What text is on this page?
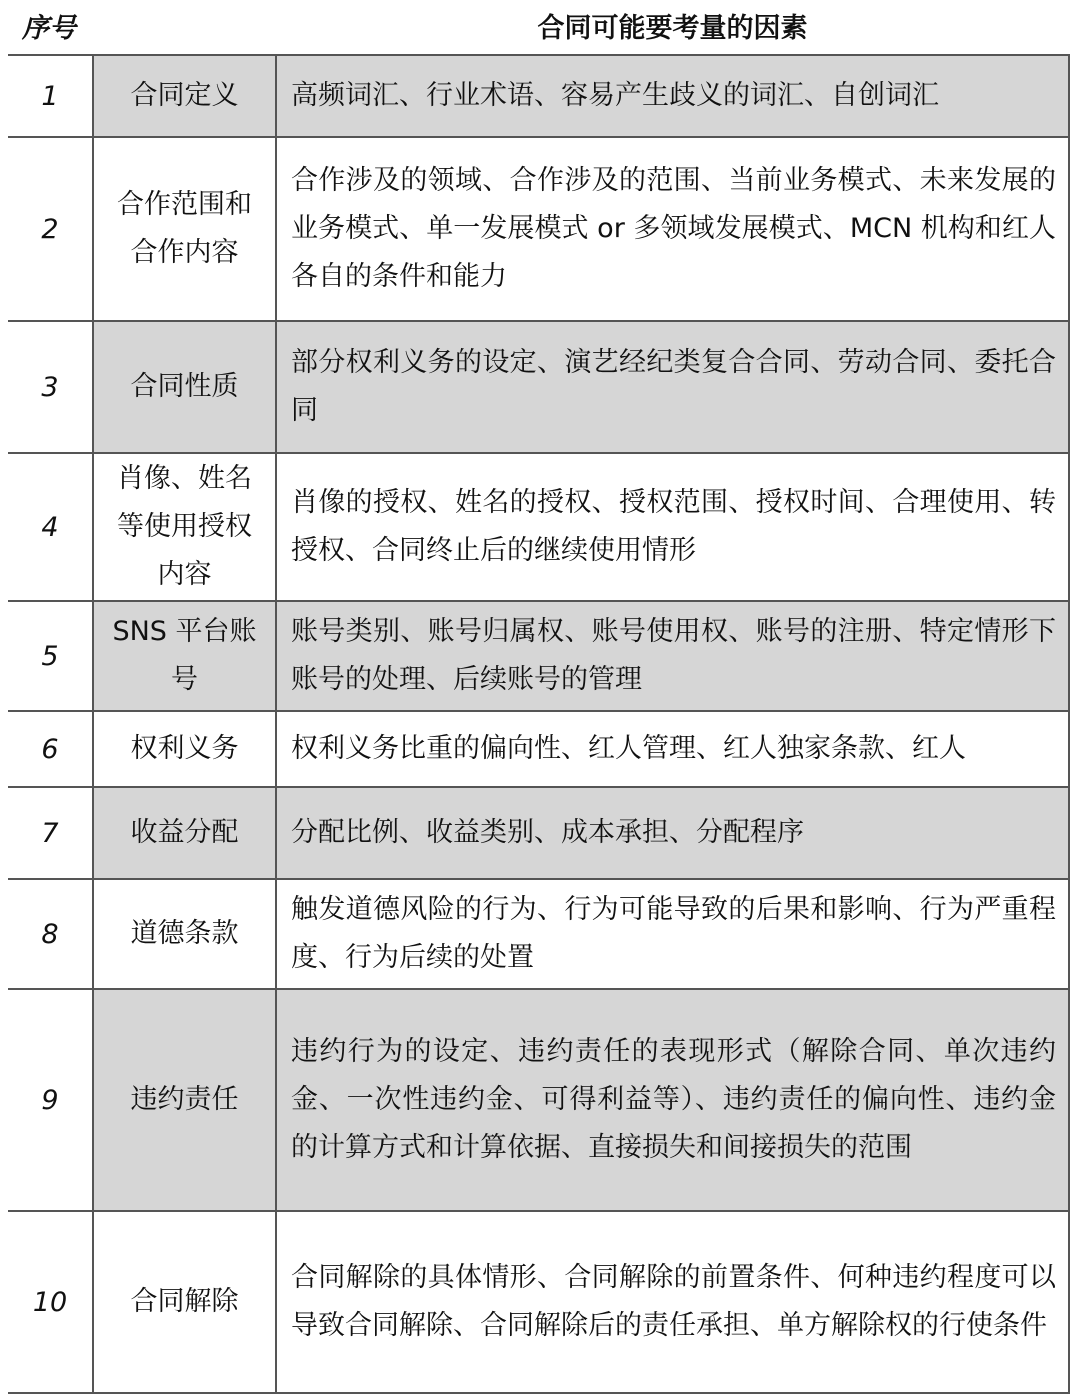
序号	合同可能要考量的因素
1	合同定义	高频词汇、行业术语、容易产生歧义的词汇、自创词汇
2	合作范围和合作内容	合作涉及的领域、合作涉及的范围、当前业务模式、未来发展的业务模式、单一发展模式 or 多领域发展模式、MCN 机构和红人各自的条件和能力
3	合同性质	部分权利义务的设定、演艺经纪类复合合同、劳动合同、委托合同
4	肖像、姓名等使用授权内容	肖像的授权、姓名的授权、授权范围、授权时间、合理使用、转授权、合同终止后的继续使用情形
5	SNS 平台账号	账号类别、账号归属权、账号使用权、账号的注册、特定情形下账号的处理、后续账号的管理
6	权利义务	权利义务比重的偏向性、红人管理、红人独家条款、红人
7	收益分配	分配比例、收益类别、成本承担、分配程序
8	道德条款	触发道德风险的行为、行为可能导致的后果和影响、行为严重程度、行为后续的处置
9	违约责任	违约行为的设定、违约责任的表现形式（解除合同、单次违约金、一次性违约金、可得利益等）、违约责任的偏向性、违约金的计算方式和计算依据、直接损失和间接损失的范围
10	合同解除	合同解除的具体情形、合同解除的前置条件、何种违约程度可以导致合同解除、合同解除后的责任承担、单方解除权的行使条件
